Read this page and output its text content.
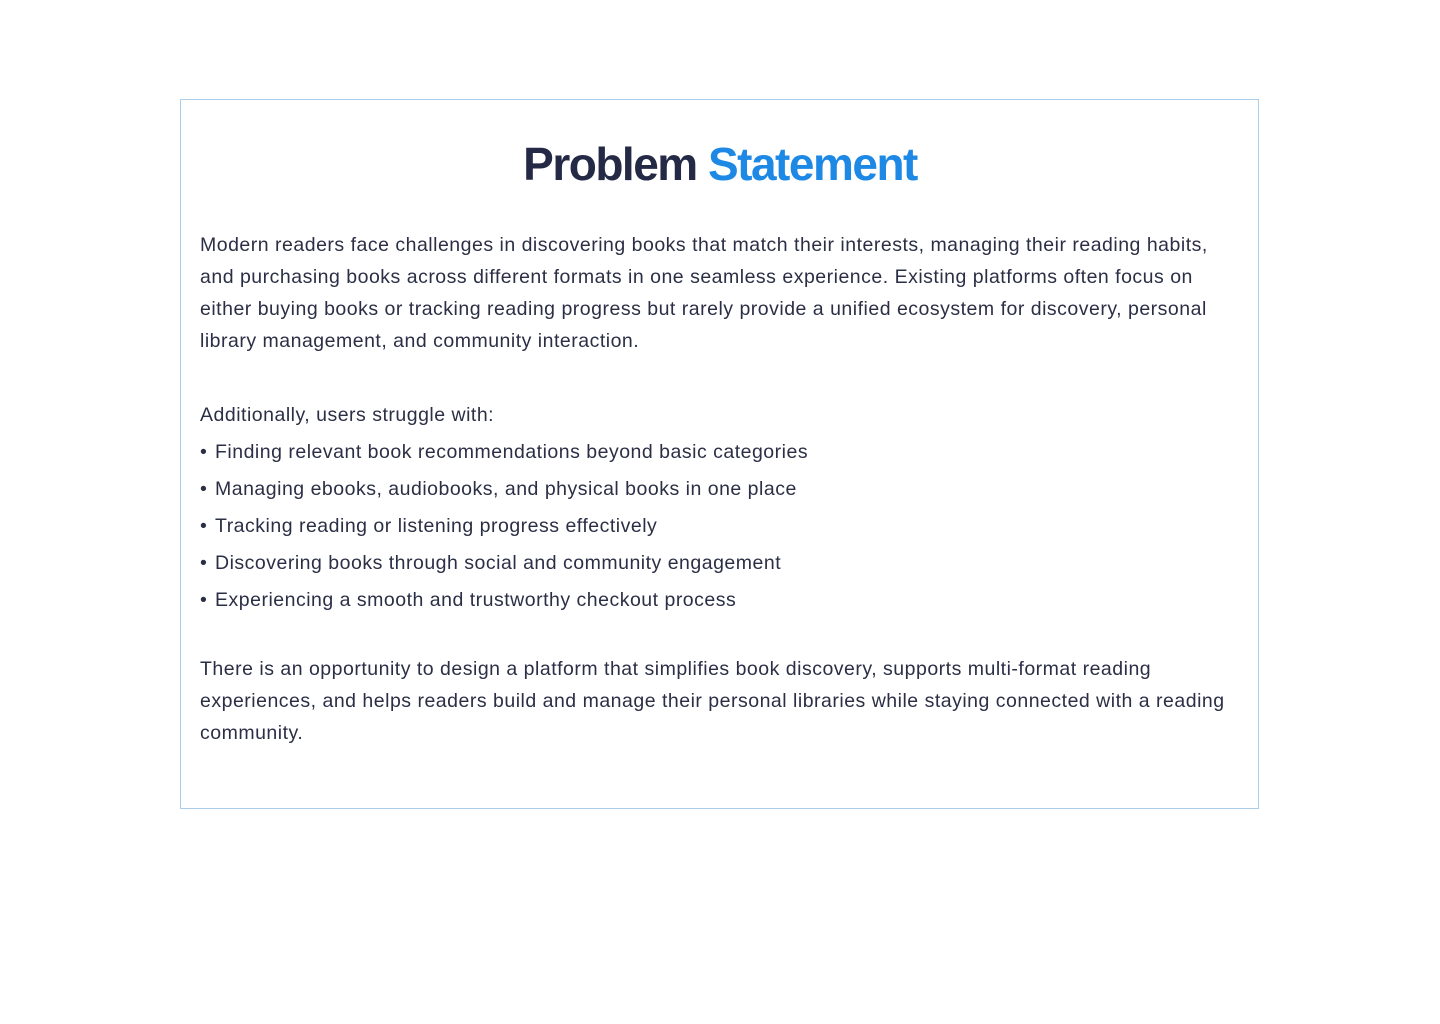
Problem Statement

Modern readers face challenges in discovering books that match their interests, managing their reading habits, and purchasing books across different formats in one seamless experience. Existing platforms often focus on either buying books or tracking reading progress but rarely provide a unified ecosystem for discovery, personal library management, and community interaction.

Additionally, users struggle with:

• Finding relevant book recommendations beyond basic categories
• Managing ebooks, audiobooks, and physical books in one place
• Tracking reading or listening progress effectively
• Discovering books through social and community engagement
• Experiencing a smooth and trustworthy checkout process

There is an opportunity to design a platform that simplifies book discovery, supports multi-format reading experiences, and helps readers build and manage their personal libraries while staying connected with a reading community.
